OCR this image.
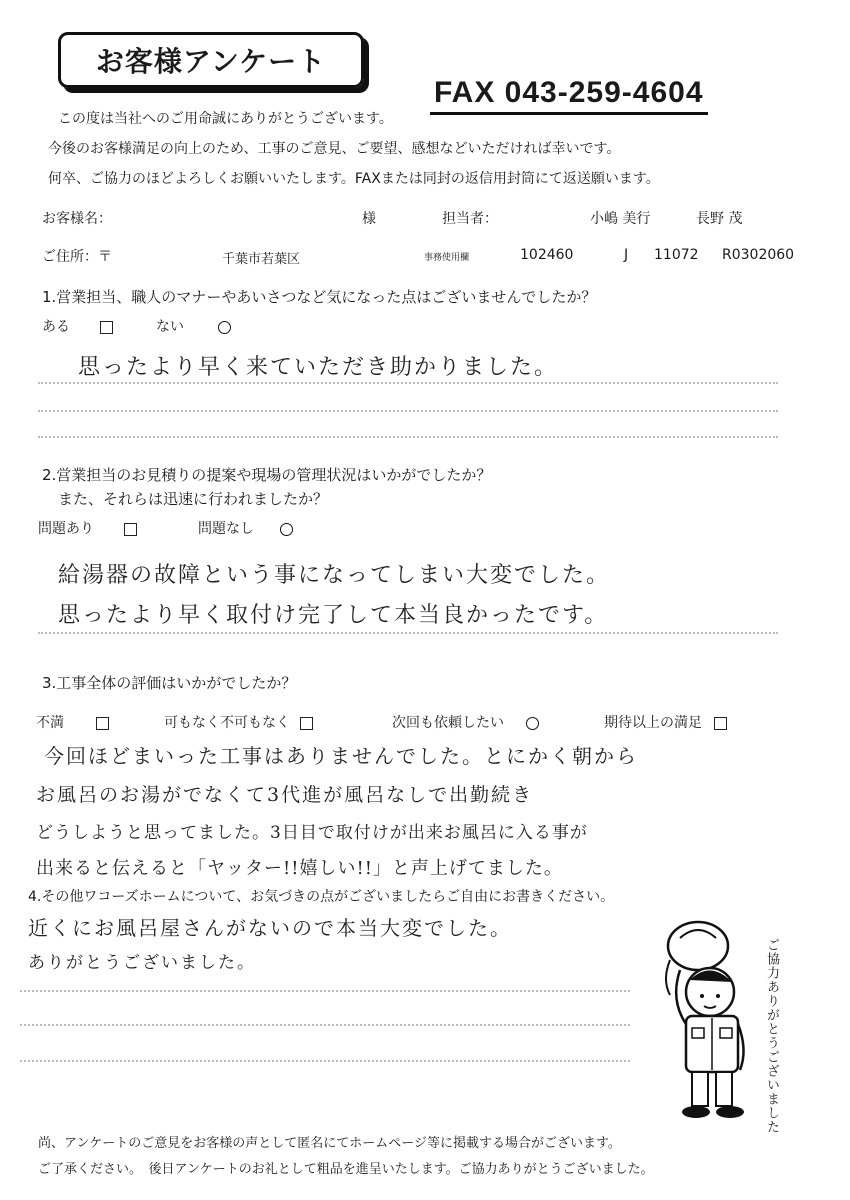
お客様アンケート
FAX 043-259-4604
この度は当社へのご用命誠にありがとうございます。
今後のお客様満足の向上のため、工事のご意見、ご要望、感想などいただければ幸いです。
何卒、ご協力のほどよろしくお願いいたします。FAXまたは同封の返信用封筒にて返送願います。
お客様名：	様	担当者：	小嶋 美行	長野 茂
ご住所：〒	千葉市若葉区	事務使用欄	102460	J 11072 R0302060
1.営業担当、職人のマナーやあいさつなど気になった点はございませんでしたか？
ある	ない
思ったより早く来ていただき助かりました。
2.営業担当のお見積りの提案や現場の管理状況はいかがでしたか？
また、それらは迅速に行われましたか？
問題あり	問題なし
給湯器の故障という事になってしまい大変でした。
思ったより早く取付け完了して本当良かったです。
3.工事全体の評価はいかがでしたか？
不満	可もなく不可もなく	次回も依頼したい	期待以上の満足
今回ほどまいった工事はありませんでした。とにかく朝から
お風呂のお湯がでなくて3代進が風呂なしで出勤続き
どうしようと思ってました。3日目で取付けが出来お風呂に入る事が
出来ると伝えると「ヤッター!!嬉しい!!」と声上げてました。
4.その他ワコーズホームについて、お気づきの点がございましたらご自由にお書きください。
近くにお風呂屋さんがないので本当大変でした。
ありがとうございました。	ご協力ありがとうございました
尚、アンケートのご意見をお客様の声として匿名にてホームページ等に掲載する場合がございます。
ご了承ください。　後日アンケートのお礼として粗品を進呈いたします。ご協力ありがとうございました。
